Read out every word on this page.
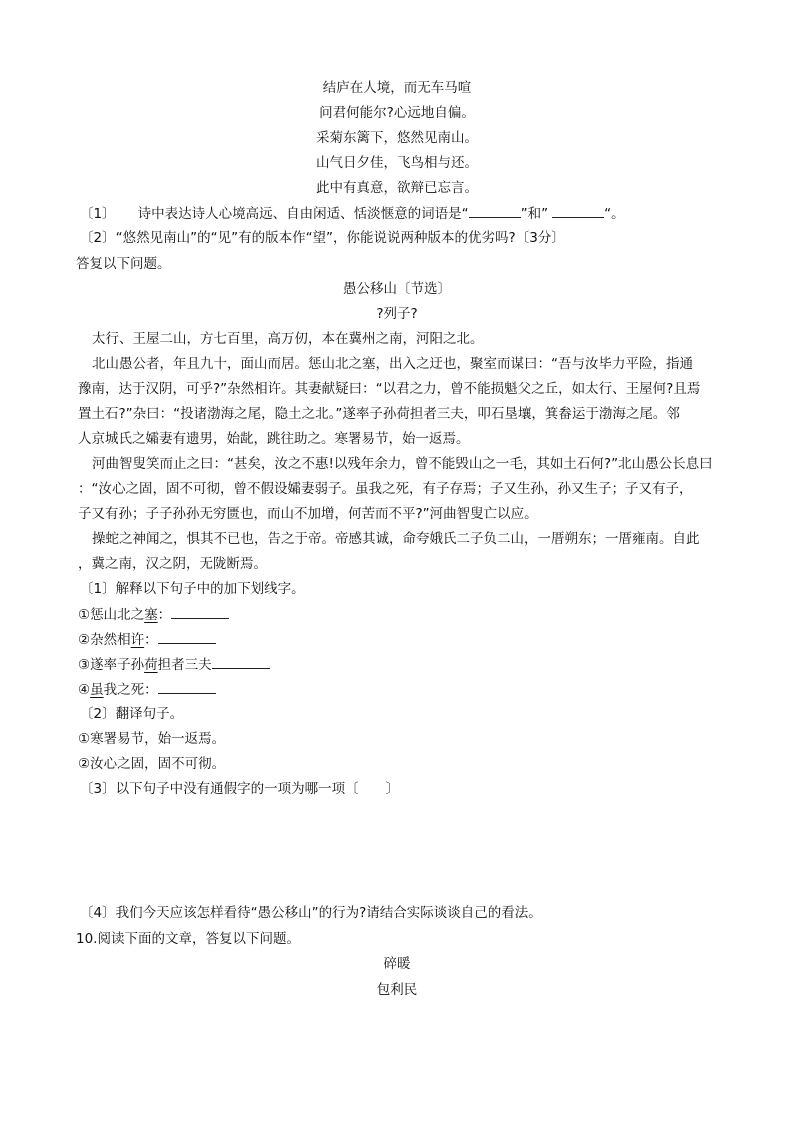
结庐在人境，而无车马喧
问君何能尔?心远地自偏。
采菊东篱下，悠然见南山。
山气日夕佳，飞鸟相与还。
此中有真意，欲辩已忘言。
〔1〕 诗中表达诗人心境高远、自由闲适、恬淡惬意的词语是“	”和”	“。
〔2〕“悠然见南山”的“见”有的版本作“望”，你能说说两种版本的优劣吗?〔3分〕
答复以下问题。
愚公移山〔节选〕
?列子?
太行、王屋二山，方七百里，高万仞，本在冀州之南，河阳之北。
北山愚公者，年且九十，面山而居。惩山北之塞，出入之迂也，聚室而谋曰：“吾与汝毕力平险，指通
豫南，达于汉阴，可乎?”杂然相许。其妻献疑曰：“以君之力，曾不能损魁父之丘，如太行、王屋何?且焉
置土石?”杂曰：“投诸渤海之尾，隐土之北。”遂率子孙荷担者三夫，叩石垦壤，箕畚运于渤海之尾。邻
人京城氏之孀妻有遗男，始龀，跳往助之。寒署易节，始一返焉。
河曲智叟笑而止之曰：“甚矣，汝之不惠!以残年余力，曾不能毁山之一毛，其如土石何?”北山愚公长息曰
：“汝心之固，固不可彻，曾不假设孀妻弱子。虽我之死，有子存焉；子又生孙，孙又生子；子又有子，
子又有孙；子子孙孙无穷匮也，而山不加增，何苦而不平?”河曲智叟亡以应。
操蛇之神闻之，惧其不已也，告之于帝。帝感其诚，命夸娥氏二子负二山，一厝朔东；一厝雍南。自此
，冀之南，汉之阴，无陇断焉。
〔1〕解释以下句子中的加下划线字。
①惩山北之塞：
②杂然相许：
③遂率子孙荷担者三夫
④虽我之死：
〔2〕翻译句子。
①寒署易节，始一返焉。
②汝心之固，固不可彻。
〔3〕以下句子中没有通假字的一项为哪一项〔　　〕
〔4〕我们今天应该怎样看待“愚公移山”的行为?请结合实际谈谈自己的看法。
10.阅读下面的文章，答复以下问题。
碎暖
包利民
